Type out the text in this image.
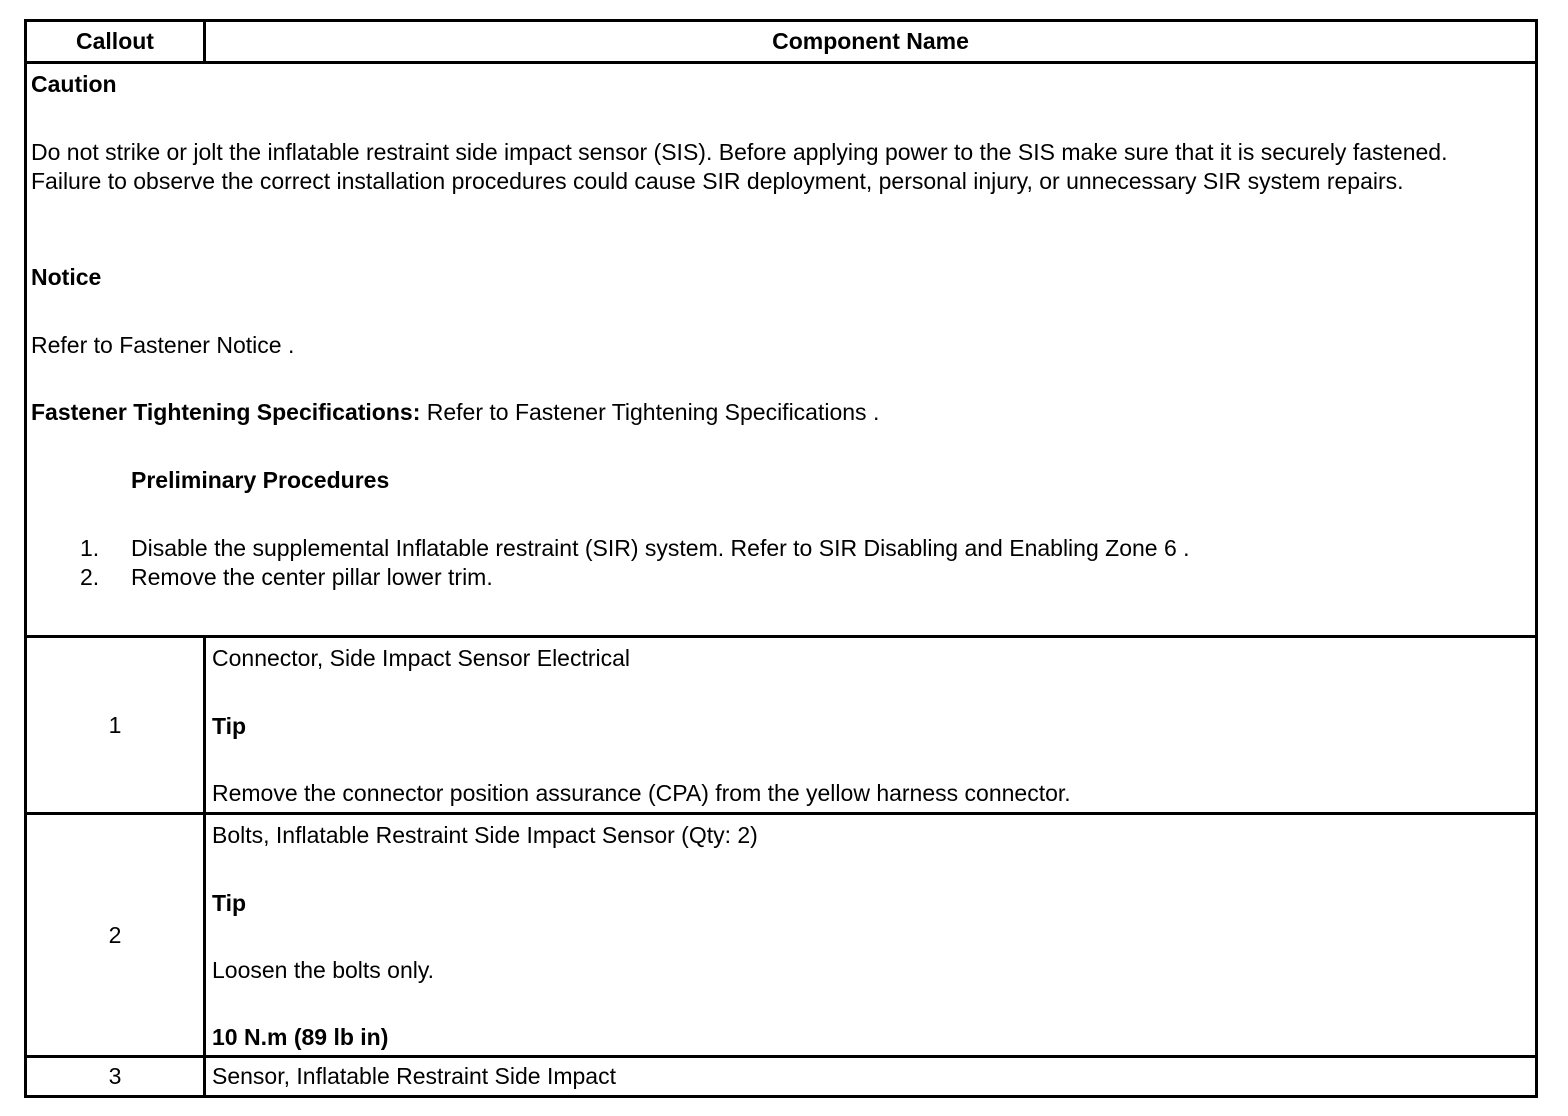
Callout	Component Name
Caution
Do not strike or jolt the inflatable restraint side impact sensor (SIS). Before applying power to the SIS make sure that it is securely fastened. Failure to observe the correct installation procedures could cause SIR deployment, personal injury, or unnecessary SIR system repairs.
Notice
Refer to Fastener Notice .
Fastener Tightening Specifications: Refer to Fastener Tightening Specifications .
Preliminary Procedures
1. Disable the supplemental Inflatable restraint (SIR) system. Refer to SIR Disabling and Enabling Zone 6 .
2. Remove the center pillar lower trim.
1
Connector, Side Impact Sensor Electrical
Tip
Remove the connector position assurance (CPA) from the yellow harness connector.
2
Bolts, Inflatable Restraint Side Impact Sensor (Qty: 2)
Tip
Loosen the bolts only.
10 N.m (89 lb in)
3	Sensor, Inflatable Restraint Side Impact
